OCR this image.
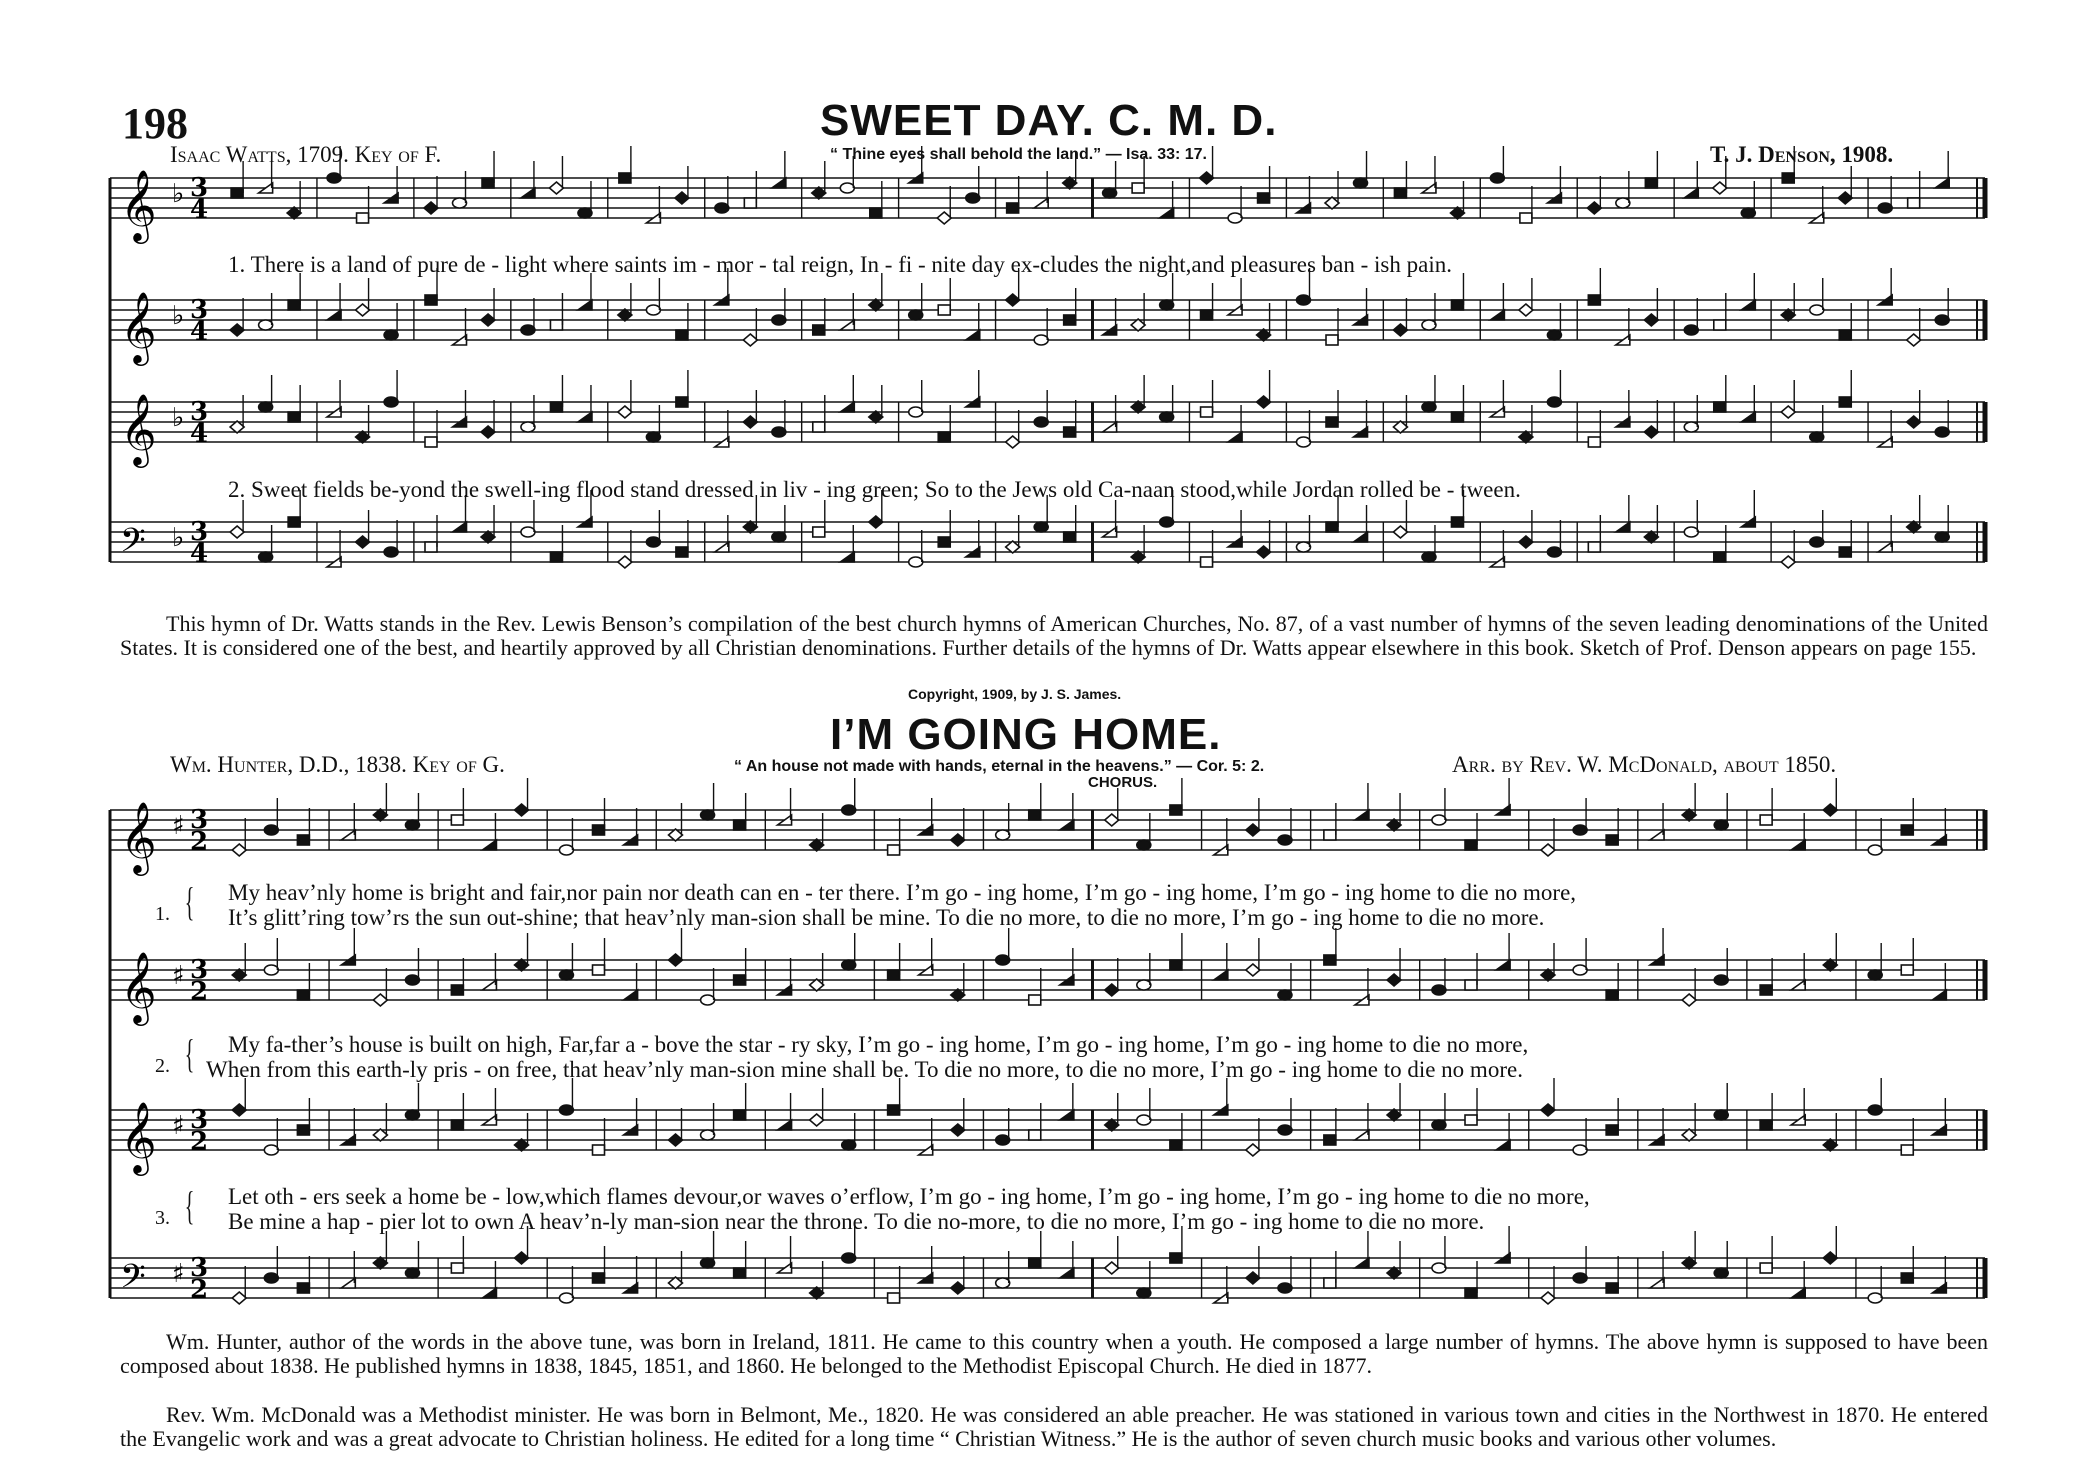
198	SWEET DAY. C. M. D.
Isaac Watts, 1709. Key of F.	“ Thine eyes shall behold the land.” — Isa. 33: 17.	T. J. Denson, 1908.
1. There is a land of pure de - light where saints im - mor - tal reign, In - fi - nite day ex-cludes the night,and pleasures ban - ish pain.
2. Sweet fields be-yond the swell-ing flood stand dressed in liv - ing green; So to the Jews old Ca-naan stood,while Jordan rolled be - tween.
This hymn of Dr. Watts stands in the Rev. Lewis Benson’s compilation of the best church hymns of American Churches, No. 87, of a vast number of hymns of the seven leading denominations of the United States. It is considered one of the best, and heartily approved by all Christian denominations. Further details of the hymns of Dr. Watts appear elsewhere in this book. Sketch of Prof. Denson appears on page 155.
Copyright, 1909, by J. S. James.
I’M GOING HOME.
Wm. Hunter, D.D., 1838. Key of G.	“ An house not made with hands, eternal in the heavens.” — Cor. 5: 2.	Arr. by Rev. W. McDonald, about 1850.
CHORUS.
1. { My heav’nly home is bright and fair,nor pain nor death can en - ter there. I’m go - ing home, I’m go - ing home, I’m go - ing home to die no more,
It’s glitt’ring tow’rs the sun out-shine; that heav’nly man-sion shall be mine. To die no more, to die no more, I’m go - ing home to die no more.
2. { My fa-ther’s house is built on high, Far,far a - bove the star - ry sky, I’m go - ing home, I’m go - ing home, I’m go - ing home to die no more,
When from this earth-ly pris - on free, that heav’nly man-sion mine shall be. To die no more, to die no more, I’m go - ing home to die no more.
3. { Let oth - ers seek a home be - low,which flames devour,or waves o’erflow, I’m go - ing home, I’m go - ing home, I’m go - ing home to die no more,
Be mine a hap - pier lot to own A heav’n-ly man-sion near the throne. To die no-more, to die no more, I’m go - ing home to die no more.
Wm. Hunter, author of the words in the above tune, was born in Ireland, 1811. He came to this country when a youth. He composed a large number of hymns. The above hymn is supposed to have been composed about 1838. He published hymns in 1838, 1845, 1851, and 1860. He belonged to the Methodist Episcopal Church. He died in 1877.
Rev. Wm. McDonald was a Methodist minister. He was born in Belmont, Me., 1820. He was considered an able preacher. He was stationed in various town and cities in the Northwest in 1870. He entered the Evangelic work and was a great advocate to Christian holiness. He edited for a long time “ Christian Witness.” He is the author of seven church music books and various other volumes.
𝄞 ♭ 3
4
𝄞 ♭ 3
4
𝄞 ♭ 3
4
𝄢 ♭ 3
4
𝄞 ♯ 3
2
𝄞 ♯ 3
2
𝄞 ♯ 3
2
𝄢 ♯ 3
2
